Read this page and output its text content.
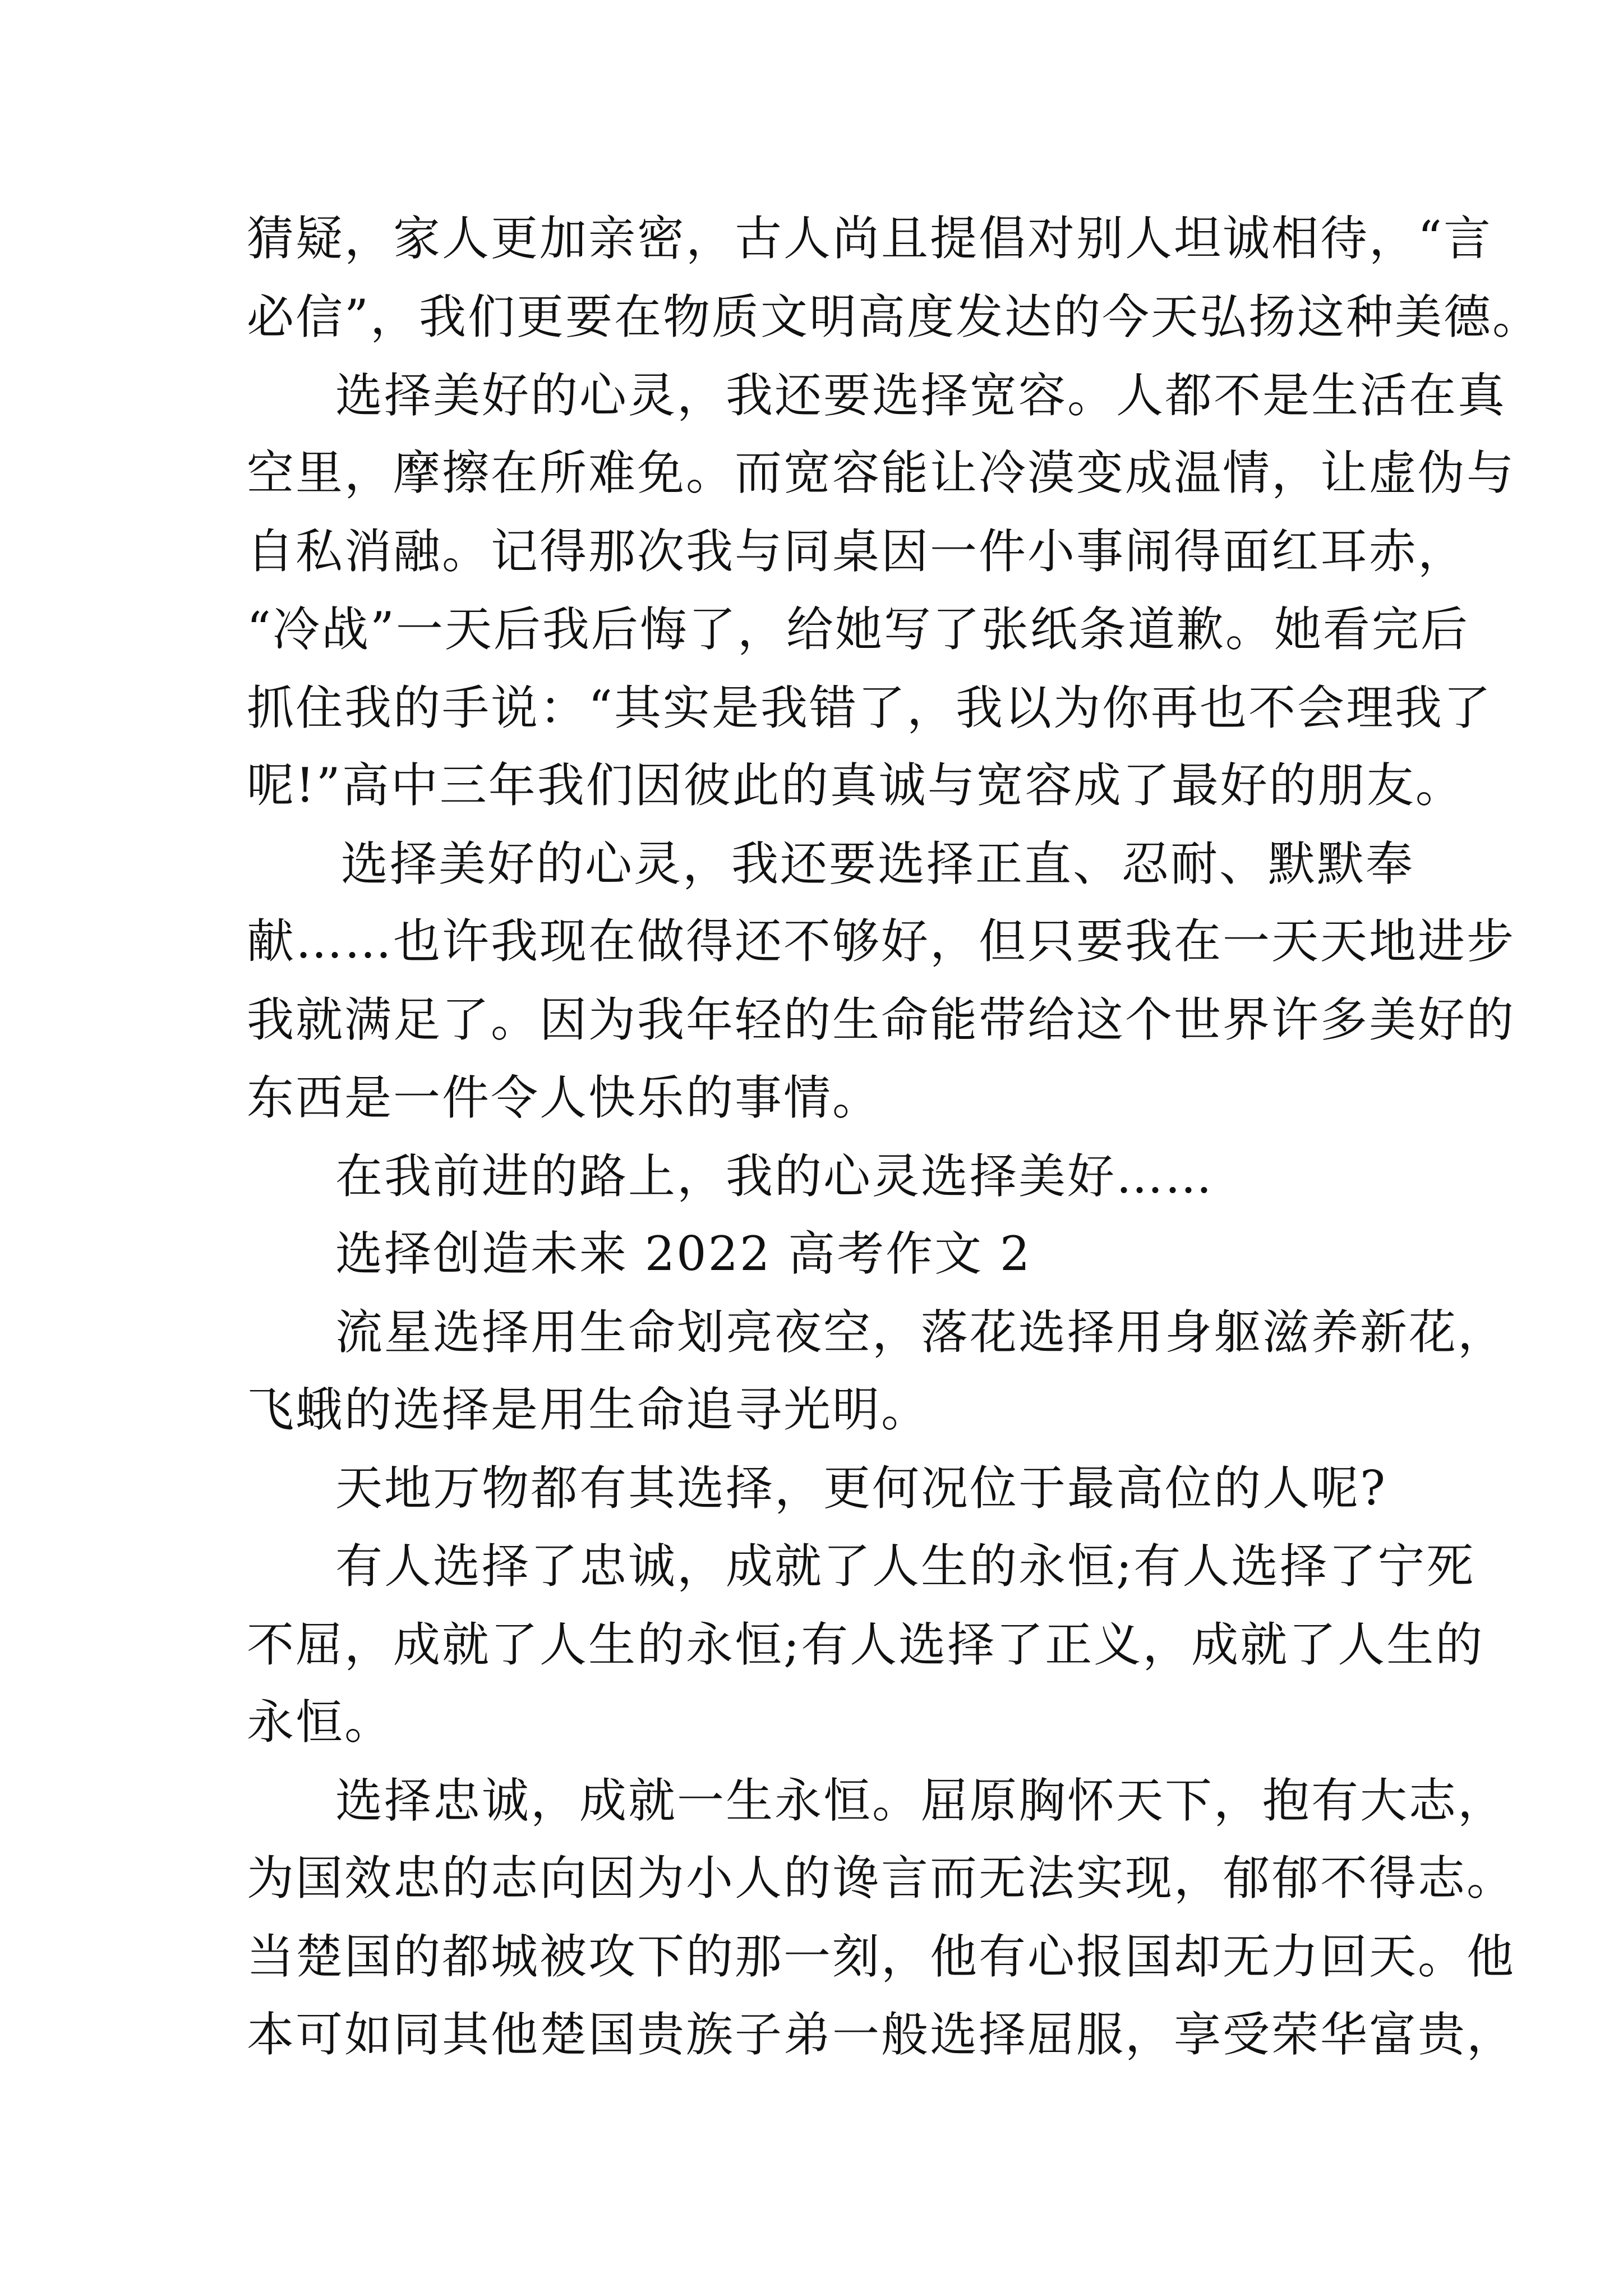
猜疑，家人更加亲密，古人尚且提倡对别人坦诚相待，“言
必信”，我们更要在物质文明高度发达的今天弘扬这种美德。
选择美好的心灵，我还要选择宽容。人都不是生活在真
空里，摩擦在所难免。而宽容能让冷漠变成温情，让虚伪与
自私消融。记得那次我与同桌因一件小事闹得面红耳赤，
“冷战”一天后我后悔了，给她写了张纸条道歉。她看完后
抓住我的手说：“其实是我错了，我以为你再也不会理我了
呢!”高中三年我们因彼此的真诚与宽容成了最好的朋友。
选择美好的心灵，我还要选择正直、忍耐、默默奉
献……也许我现在做得还不够好，但只要我在一天天地进步
我就满足了。因为我年轻的生命能带给这个世界许多美好的
东西是一件令人快乐的事情。
在我前进的路上，我的心灵选择美好……
选择创造未来 2022 高考作文 2
流星选择用生命划亮夜空，落花选择用身躯滋养新花，
飞蛾的选择是用生命追寻光明。
天地万物都有其选择，更何况位于最高位的人呢?
有人选择了忠诚，成就了人生的永恒;有人选择了宁死
不屈，成就了人生的永恒;有人选择了正义，成就了人生的
永恒。
选择忠诚，成就一生永恒。屈原胸怀天下，抱有大志，
为国效忠的志向因为小人的谗言而无法实现，郁郁不得志。
当楚国的都城被攻下的那一刻，他有心报国却无力回天。他
本可如同其他楚国贵族子弟一般选择屈服，享受荣华富贵，
